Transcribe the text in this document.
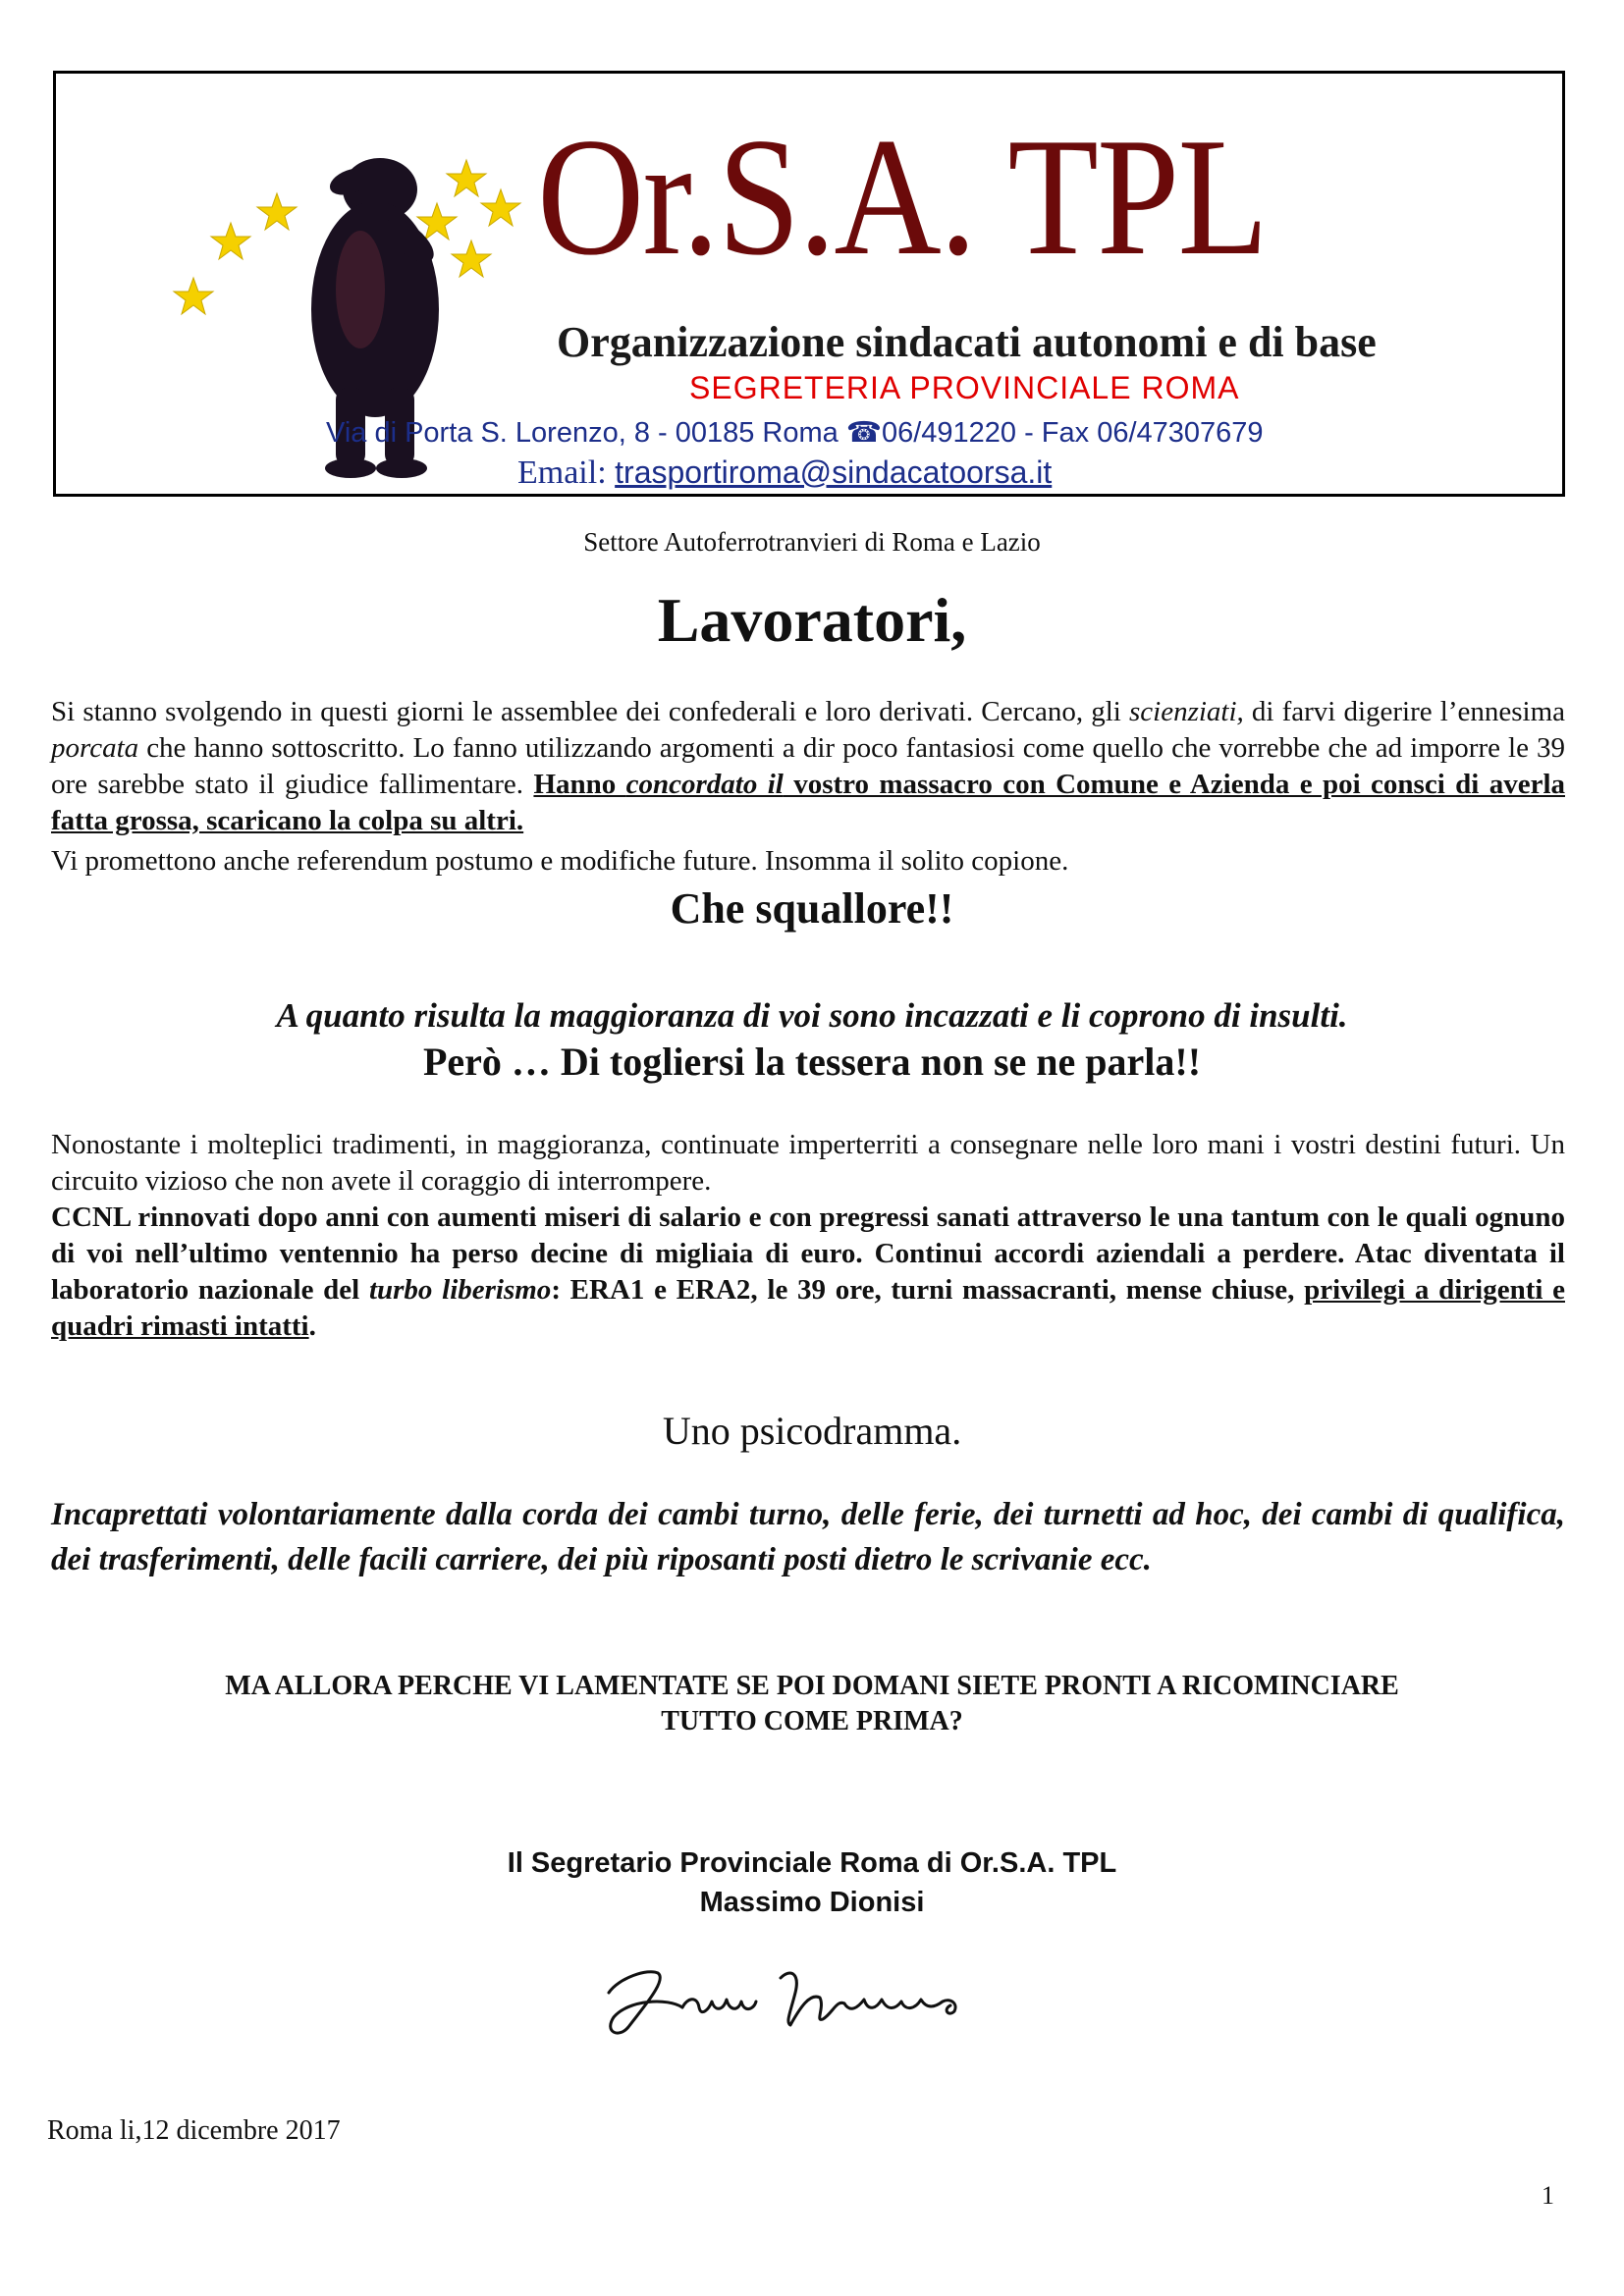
Or.S.A. TPL
Organizzazione sindacati autonomi e di base
SEGRETERIA PROVINCIALE ROMA
Via di Porta S. Lorenzo, 8 - 00185 Roma ☎06/491220 - Fax 06/47307679
Email: trasportiroma@sindacatoorsa.it
Settore Autoferrotranvieri di Roma e Lazio
Lavoratori,
Si stanno svolgendo in questi giorni le assemblee dei confederali e loro derivati. Cercano, gli scienziati, di farvi digerire l’ennesima porcata che hanno sottoscritto. Lo fanno utilizzando argomenti a dir poco fantasiosi come quello che vorrebbe che ad imporre le 39 ore sarebbe stato il giudice fallimentare. Hanno concordato il vostro massacro con Comune e Azienda e poi consci di averla fatta grossa, scaricano la colpa su altri.
Vi promettono anche referendum postumo e modifiche future. Insomma il solito copione.
Che squallore!!
A quanto risulta la maggioranza di voi sono incazzati e li coprono di insulti.
Però … Di togliersi la tessera non se ne parla!!
Nonostante i molteplici tradimenti, in maggioranza, continuate imperterriti a consegnare nelle loro mani i vostri destini futuri. Un circuito vizioso che non avete il coraggio di interrompere.
CCNL rinnovati dopo anni con aumenti miseri di salario e con pregressi sanati attraverso le una tantum con le quali ognuno di voi nell’ultimo ventennio ha perso decine di migliaia di euro. Continui accordi aziendali a perdere. Atac diventata il laboratorio nazionale del turbo liberismo: ERA1 e ERA2, le 39 ore, turni massacranti, mense chiuse, privilegi a dirigenti e quadri rimasti intatti.
Uno psicodramma.
Incaprettati volontariamente dalla corda dei cambi turno, delle ferie, dei turnetti ad hoc, dei cambi di qualifica, dei trasferimenti, delle facili carriere, dei più riposanti posti dietro le scrivanie ecc.
MA ALLORA PERCHE VI LAMENTATE SE POI DOMANI SIETE PRONTI A RICOMINCIARE
TUTTO COME PRIMA?
Il Segretario Provinciale Roma di Or.S.A. TPL
Massimo Dionisi
Roma li,12 dicembre 2017
1
